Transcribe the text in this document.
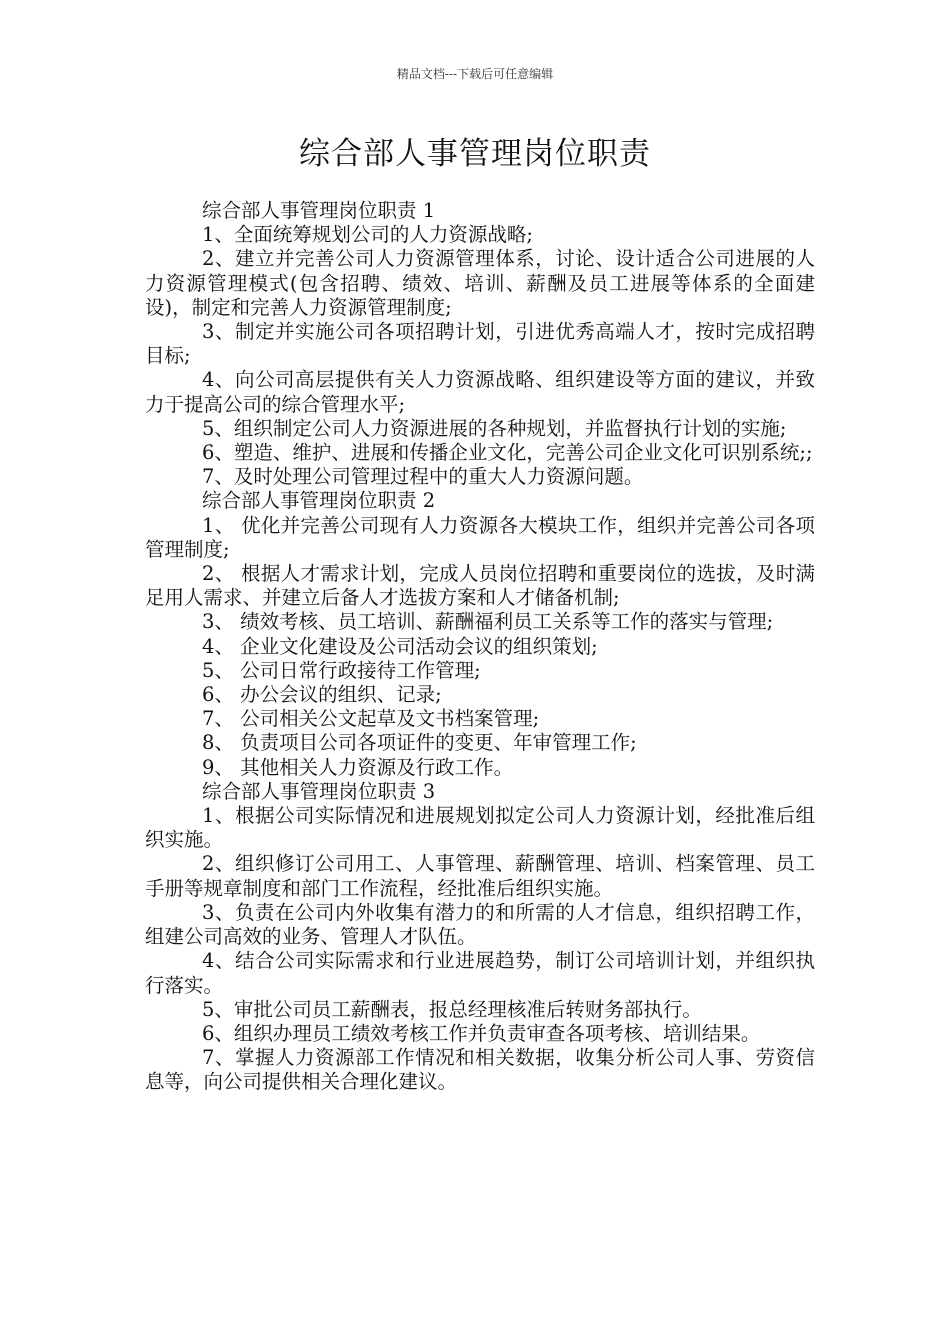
精品文档---下载后可任意编辑
综合部人事管理岗位职责

综合部人事管理岗位职责 1

1、全面统筹规划公司的人力资源战略;

2、建立并完善公司人力资源管理体系，讨论、设计适合公司进展的人力资源管理模式(包含招聘、绩效、培训、薪酬及员工进展等体系的全面建设)，制定和完善人力资源管理制度;

3、制定并实施公司各项招聘计划，引进优秀高端人才，按时完成招聘目标;

4、向公司高层提供有关人力资源战略、组织建设等方面的建议，并致力于提高公司的综合管理水平;

5、组织制定公司人力资源进展的各种规划，并监督执行计划的实施;

6、塑造、维护、进展和传播企业文化，完善公司企业文化可识别系统;;

7、及时处理公司管理过程中的重大人力资源问题。

综合部人事管理岗位职责 2

1、 优化并完善公司现有人力资源各大模块工作，组织并完善公司各项管理制度;

2、 根据人才需求计划，完成人员岗位招聘和重要岗位的选拔，及时满足用人需求、并建立后备人才选拔方案和人才储备机制;

3、 绩效考核、员工培训、薪酬福利员工关系等工作的落实与管理;

4、 企业文化建设及公司活动会议的组织策划;

5、 公司日常行政接待工作管理;

6、 办公会议的组织、记录;

7、 公司相关公文起草及文书档案管理;

8、 负责项目公司各项证件的变更、年审管理工作;

9、 其他相关人力资源及行政工作。

综合部人事管理岗位职责 3

1、根据公司实际情况和进展规划拟定公司人力资源计划，经批准后组织实施。

2、组织修订公司用工、人事管理、薪酬管理、培训、档案管理、员工手册等规章制度和部门工作流程，经批准后组织实施。

3、负责在公司内外收集有潜力的和所需的人才信息，组织招聘工作，组建公司高效的业务、管理人才队伍。

4、结合公司实际需求和行业进展趋势，制订公司培训计划，并组织执行落实。

5、审批公司员工薪酬表，报总经理核准后转财务部执行。

6、组织办理员工绩效考核工作并负责审查各项考核、培训结果。

7、掌握人力资源部工作情况和相关数据，收集分析公司人事、劳资信息等，向公司提供相关合理化建议。
